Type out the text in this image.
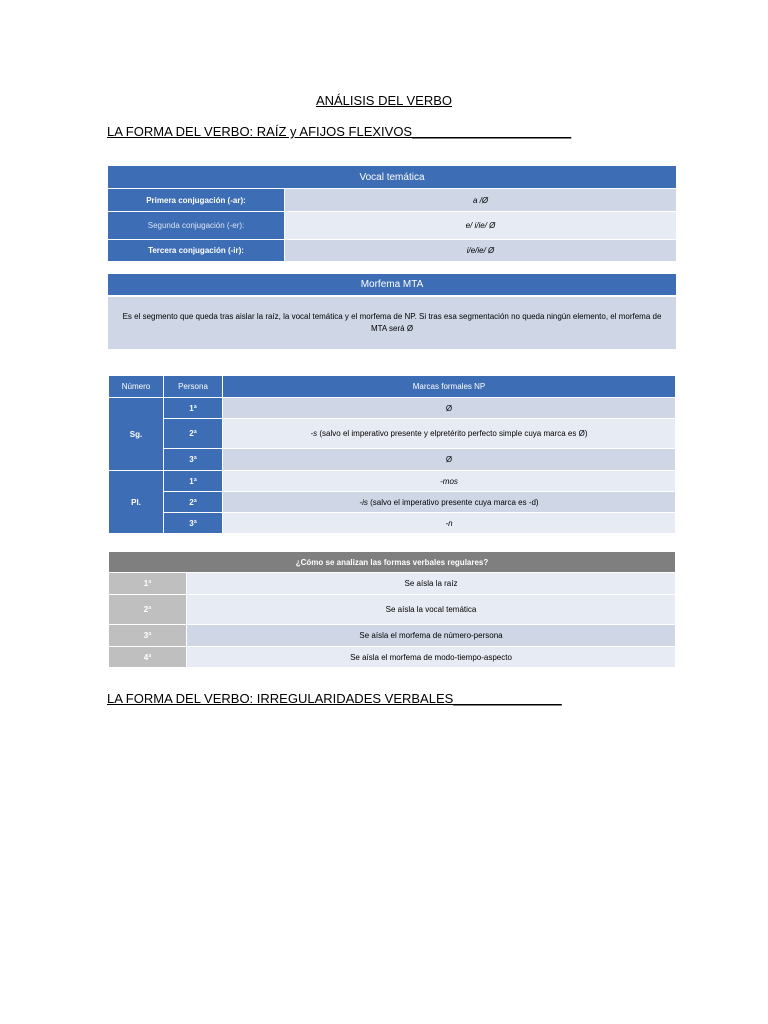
ANÁLISIS DEL VERBO
LA FORMA DEL VERBO: RAÍZ y AFIJOS FLEXIVOS______________________
Vocal temática
Primera conjugación (-ar):	a /Ø
Segunda conjugación (-er):	e/ i/ie/ Ø
Tercera conjugación (-ir):	i/e/ie/ Ø
Morfema MTA
Es el segmento que queda tras aislar la raíz, la vocal temática y el morfema de NP. Si tras esa segmentación no queda ningún elemento, el morfema de MTA será Ø
Número	Persona	Marcas formales NP
Sg.	1ª	Ø
	2ª	-s (salvo el imperativo presente y elpretérito perfecto simple cuya marca es Ø)
	3ª	Ø
Pl.	1ª	-mos
	2ª	-is (salvo el imperativo presente cuya marca es -d)
	3ª	-n
¿Cómo se analizan las formas verbales regulares?	
1ª	Se aísla la raíz
2ª	Se aísla la vocal temática
3ª	Se aísla el morfema de número-persona
4ª	Se aísla el morfema de modo-tiempo-aspecto
LA FORMA DEL VERBO: IRREGULARIDADES VERBALES_______________
